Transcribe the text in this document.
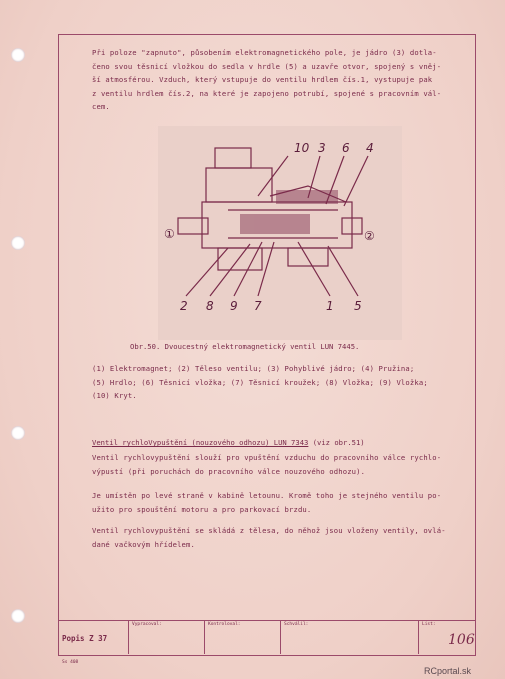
Při poloze "zapnuto", působením elektromagnetického pole, je jádro (3) dotla-
čeno svou těsnicí vložkou do sedla v hrdle (5) a uzavře otvor, spojený s vněj-
ší atmosférou. Vzduch, který vstupuje do ventilu hrdlem čís.1, vystupuje pak
z ventilu hrdlem čís.2, na které je zapojeno potrubí, spojené s pracovním vál-
cem.

10 3 6 4
①	②
2 8 9 7	1 5
Obr.50. Dvoucestný elektromagnetický ventil LUN 7445.

(1) Elektromagnet; (2) Těleso ventilu; (3) Pohyblivé jádro; (4) Pružina;
(5) Hrdlo; (6) Těsnicí vložka; (7) Těsnicí kroužek; (8) Vložka; (9) Vložka;
(10) Kryt.

Ventil rychloVypuštění (nouzového odhozu) LUN 7343 (viz obr.51)

Ventil rychlovypuštění slouží pro vpuštění vzduchu do pracovního válce rychlo-
výpustí (při poruchách do pracovního válce nouzového odhozu).

Je umístěn po levé straně v kabině letounu. Kromě toho je stejného ventilu po-
užito pro spouštění motoru a pro parkovací brzdu.

Ventil rychlovypuštění se skládá z tělesa, do něhož jsou vloženy ventily, ovlá-
dané vačkovým hřídelem.

Popis Z 37
Vypracoval:	Kontroloval:	Schválil:	List:
106
Ss 408
RCportal.sk
